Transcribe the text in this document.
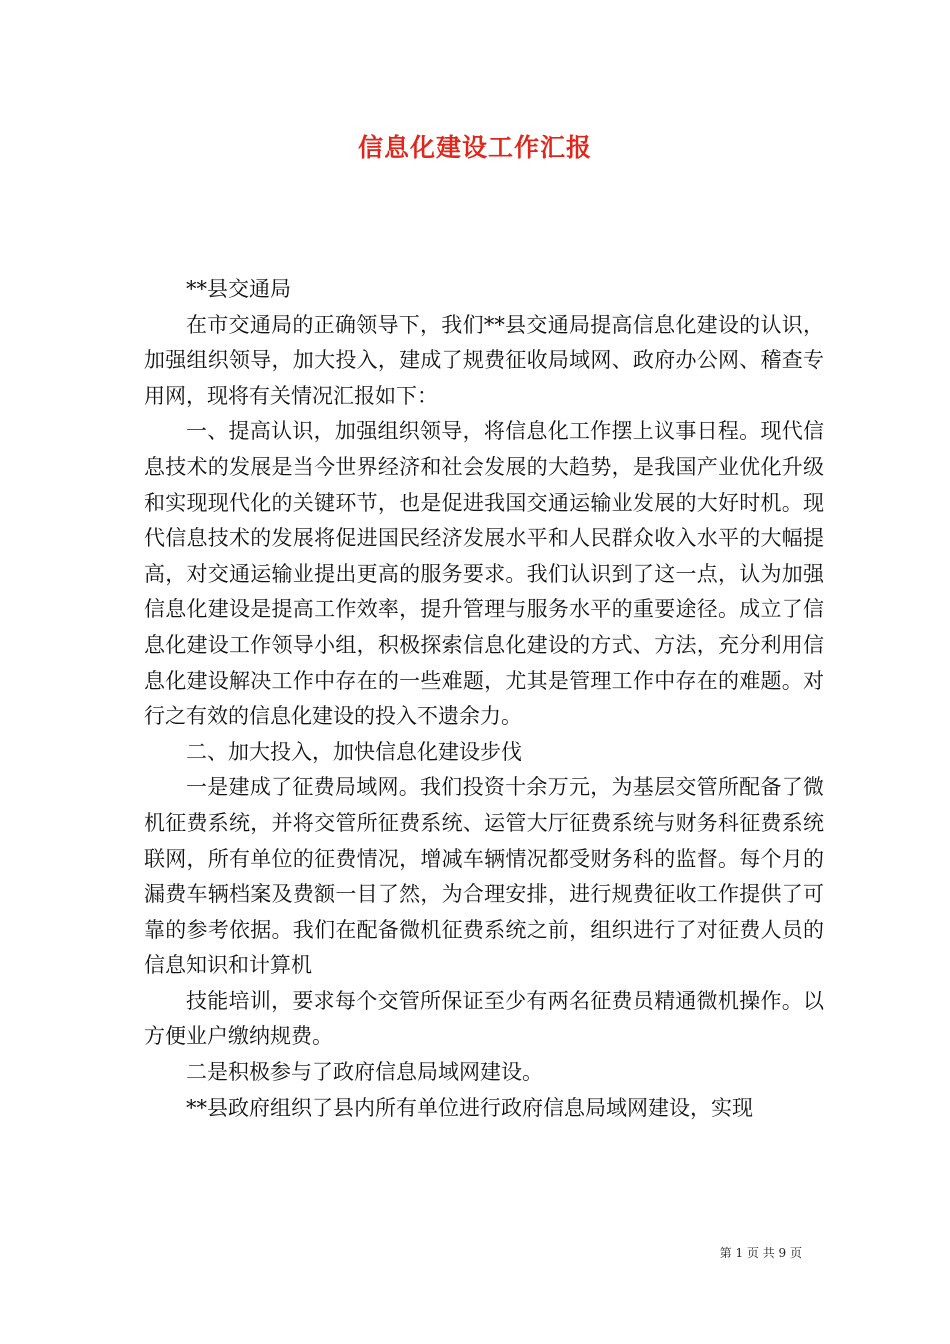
信息化建设工作汇报

**县交通局

在市交通局的正确领导下，我们**县交通局提高信息化建设的认识，加强组织领导，加大投入，建成了规费征收局域网、政府办公网、稽查专用网，现将有关情况汇报如下：

一、提高认识，加强组织领导，将信息化工作摆上议事日程。现代信息技术的发展是当今世界经济和社会发展的大趋势，是我国产业优化升级和实现现代化的关键环节，也是促进我国交通运输业发展的大好时机。现代信息技术的发展将促进国民经济发展水平和人民群众收入水平的大幅提高，对交通运输业提出更高的服务要求。我们认识到了这一点，认为加强信息化建设是提高工作效率，提升管理与服务水平的重要途径。成立了信息化建设工作领导小组，积极探索信息化建设的方式、方法，充分利用信息化建设解决工作中存在的一些难题，尤其是管理工作中存在的难题。对行之有效的信息化建设的投入不遗余力。

二、加大投入，加快信息化建设步伐

一是建成了征费局域网。我们投资十余万元，为基层交管所配备了微机征费系统，并将交管所征费系统、运管大厅征费系统与财务科征费系统联网，所有单位的征费情况，增减车辆情况都受财务科的监督。每个月的漏费车辆档案及费额一目了然，为合理安排，进行规费征收工作提供了可靠的参考依据。我们在配备微机征费系统之前，组织进行了对征费人员的信息知识和计算机

技能培训，要求每个交管所保证至少有两名征费员精通微机操作。以方便业户缴纳规费。

二是积极参与了政府信息局域网建设。

**县政府组织了县内所有单位进行政府信息局域网建设，实现

第 1 页 共 9 页
